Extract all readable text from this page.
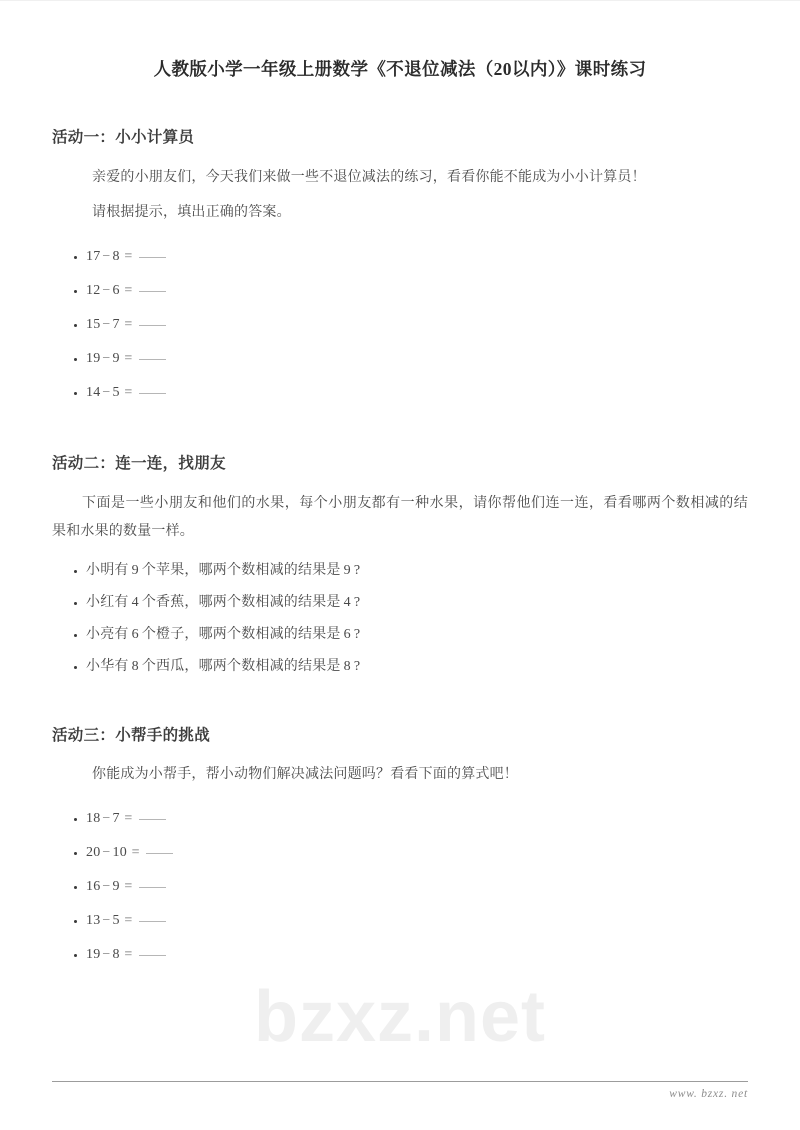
bzxz.net
人教版小学一年级上册数学《不退位减法（20以内）》课时练习
活动一：小小计算员

亲爱的小朋友们，今天我们来做一些不退位减法的练习，看看你能不能成为小小计算员！

请根据提示，填出正确的答案。

17 − 8 =
12 − 6 =
15 − 7 =
19 − 9 =
14 − 5 =
活动二：连一连，找朋友

下面是一些小朋友和他们的水果，每个小朋友都有一种水果，请你帮他们连一连，看看哪两个数相减的结果和水果的数量一样。

小明有 9 个苹果，哪两个数相减的结果是 9 ?
小红有 4 个香蕉，哪两个数相减的结果是 4 ?
小亮有 6 个橙子，哪两个数相减的结果是 6 ?
小华有 8 个西瓜，哪两个数相减的结果是 8 ?
活动三：小帮手的挑战

你能成为小帮手，帮小动物们解决减法问题吗？看看下面的算式吧！

18 − 7 =
20 − 10 =
16 − 9 =
13 − 5 =
19 − 8 =
www. bzxz. net
